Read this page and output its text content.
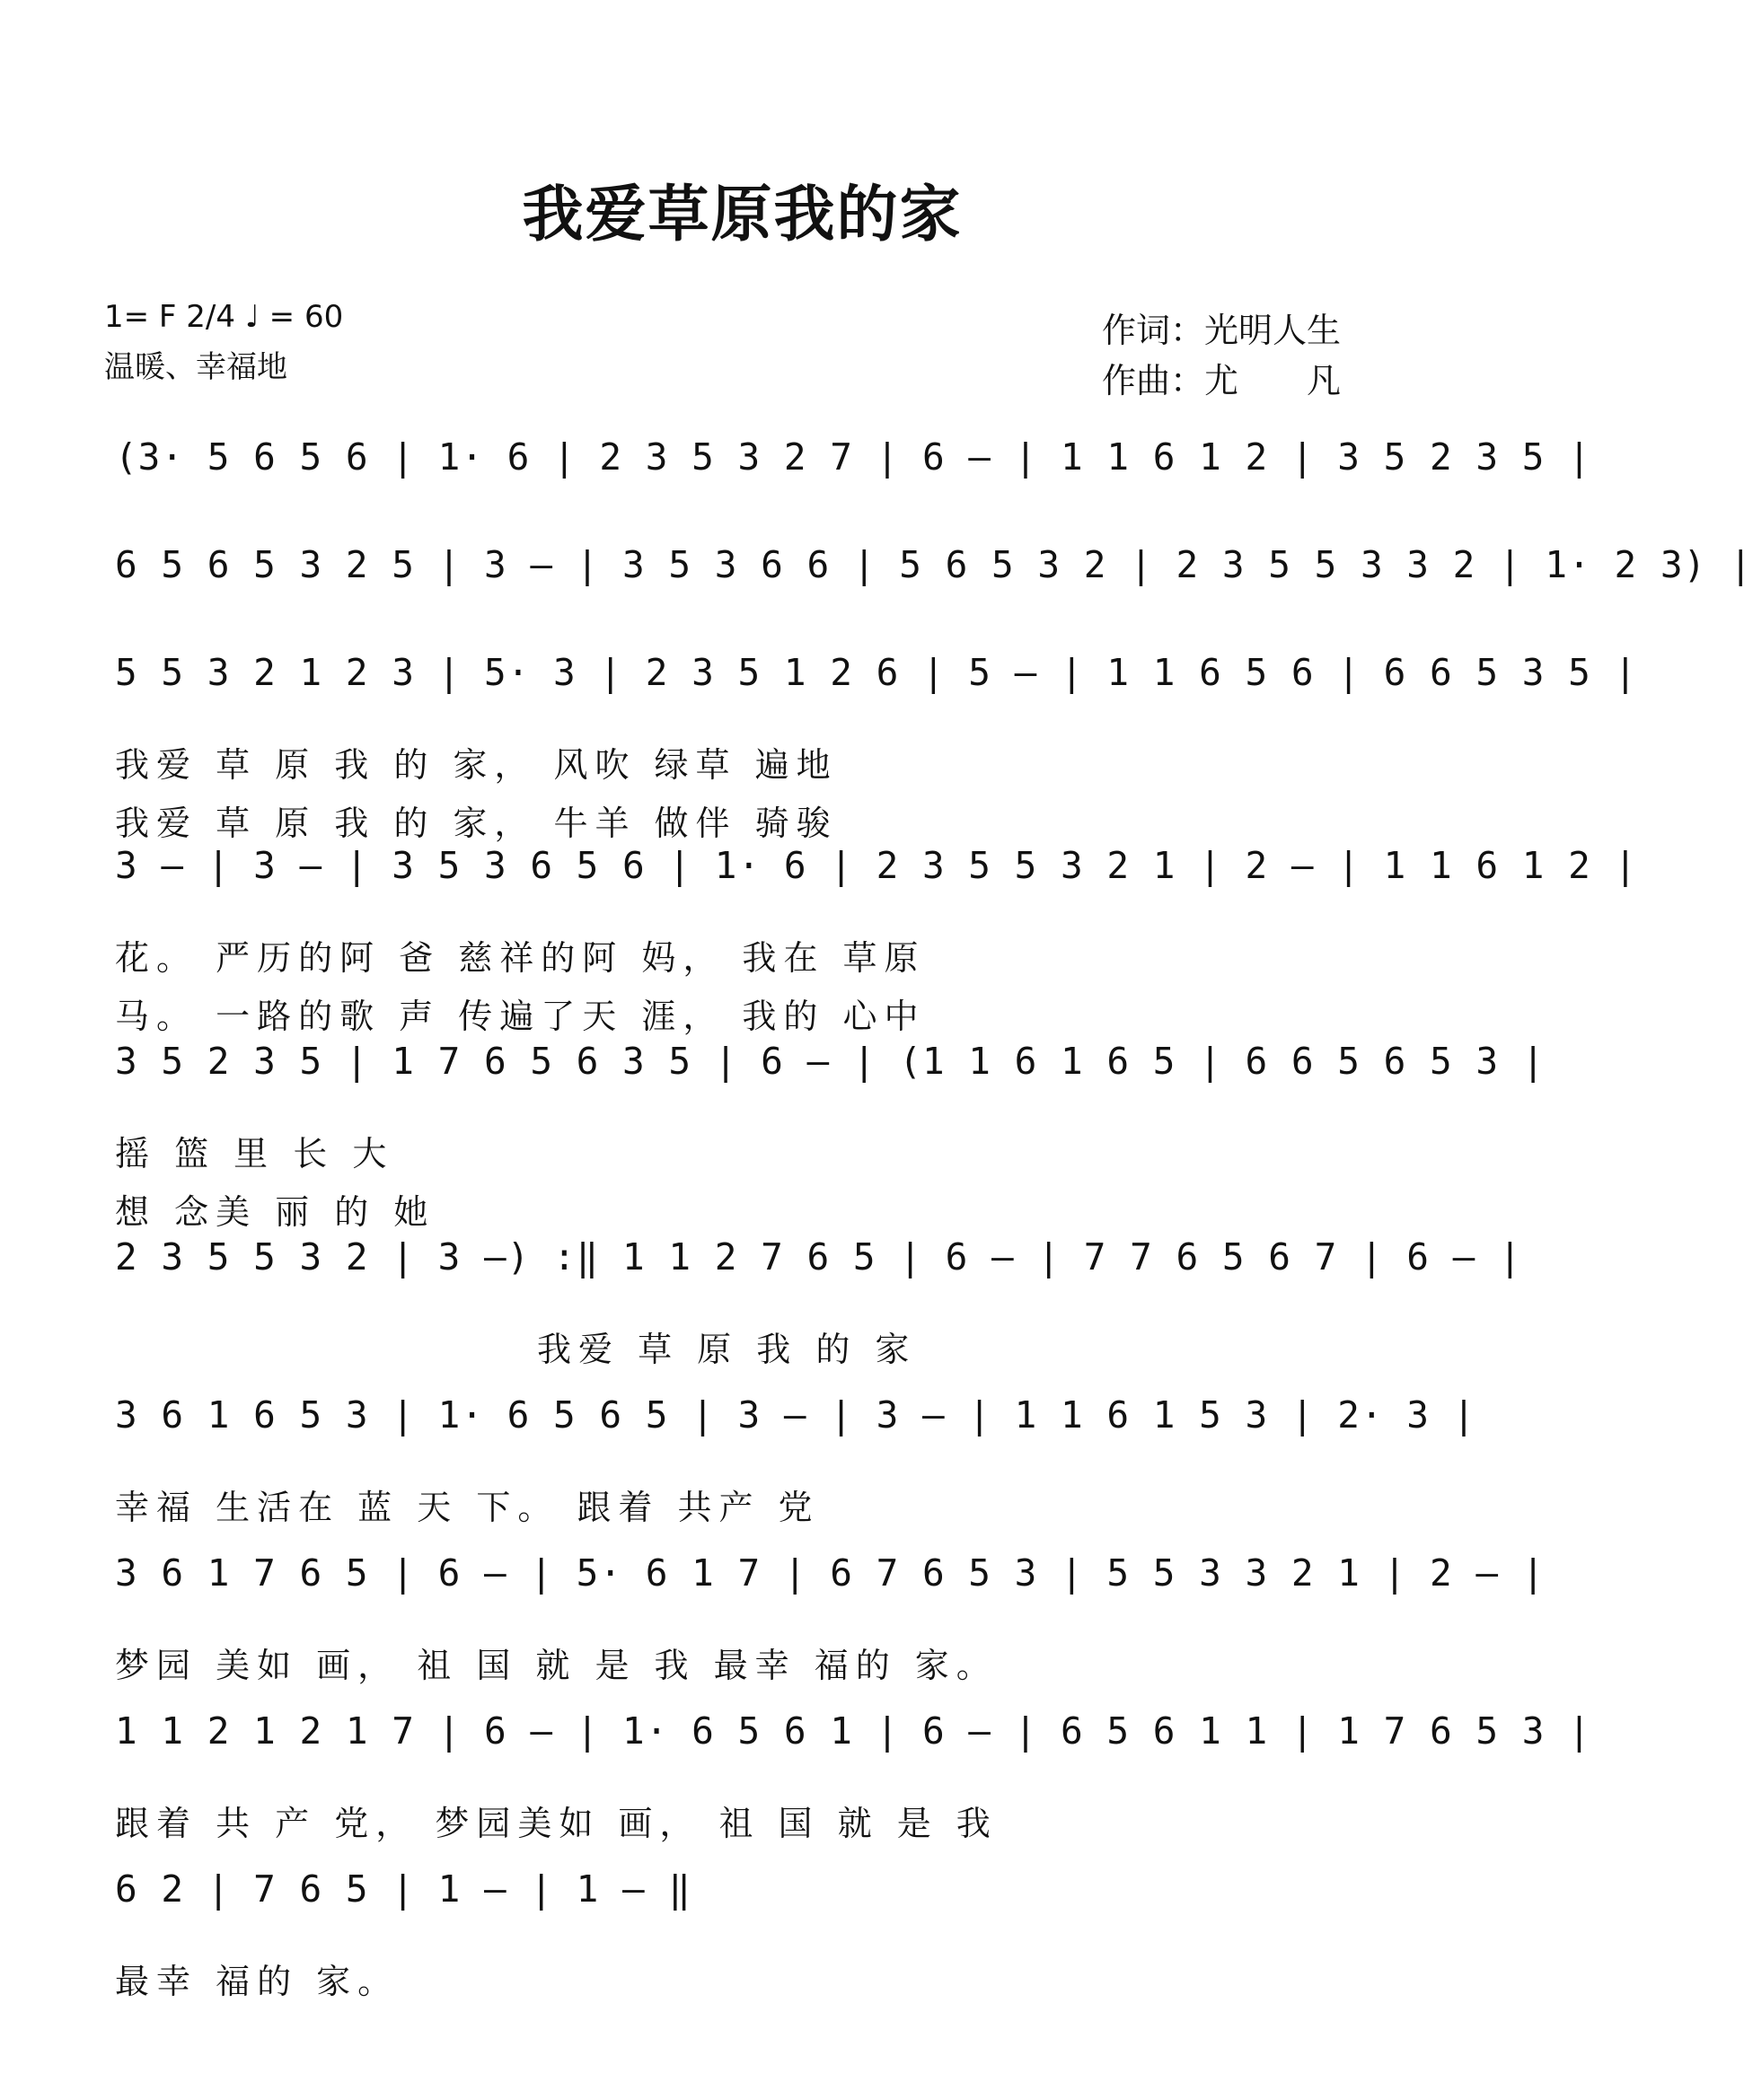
我爱草原我的家
1= F 2/4 ♩ = 60
温暖、幸福地
作词：光明人生
作曲：尤　　凡
(3· 5 6 5 6 | 1· 6 | 2 3 5 3 2 7 | 6 — | 1 1 6 1 2 | 3 5 2 3 5 |
6 5 6 5 3 2 5 | 3 — | 3 5 3 6 6 | 5 6 5 3 2 | 2 3 5 5 3 3 2 | 1· 2 3) |
5 5 3 2 1 2 3 | 5· 3 | 2 3 5 1 2 6 | 5 — | 1 1 6 5 6 | 6 6 5 3 5 |
我爱 草 原 我 的 家， 风吹 绿草 遍地
我爱 草 原 我 的 家， 牛羊 做伴 骑骏
3 — | 3 — | 3 5 3 6 5 6 | 1· 6 | 2 3 5 5 3 2 1 | 2 — | 1 1 6 1 2 |
花。 严历的阿 爸 慈祥的阿 妈， 我在 草原
马。 一路的歌 声 传遍了天 涯， 我的 心中
3 5 2 3 5 | 1 7 6 5 6 3 5 | 6 — | (1 1 6 1 6 5 | 6 6 5 6 5 3 |
摇 篮 里 长 大
想 念美 丽 的 她
2 3 5 5 3 2 | 3 —) :‖ 1 1 2 7 6 5 | 6 — | 7 7 6 5 6 7 | 6 — |
我爱 草 原 我 的 家
3 6 1 6 5 3 | 1· 6 5 6 5 | 3 — | 3 — | 1 1 6 1 5 3 | 2· 3 |
幸福 生活在 蓝 天 下。 跟着 共产 党
3 6 1 7 6 5 | 6 — | 5· 6 1 7 | 6 7 6 5 3 | 5 5 3 3 2 1 | 2 — |
梦园 美如 画， 祖 国 就 是 我 最幸 福的 家。
1 1 2 1 2 1 7 | 6 — | 1· 6 5 6 1 | 6 — | 6 5 6 1 1 | 1 7 6 5 3 |
跟着 共 产 党， 梦园美如 画， 祖 国 就 是 我
6 2 | 7 6 5 | 1 — | 1 — ‖
最幸 福的 家。
